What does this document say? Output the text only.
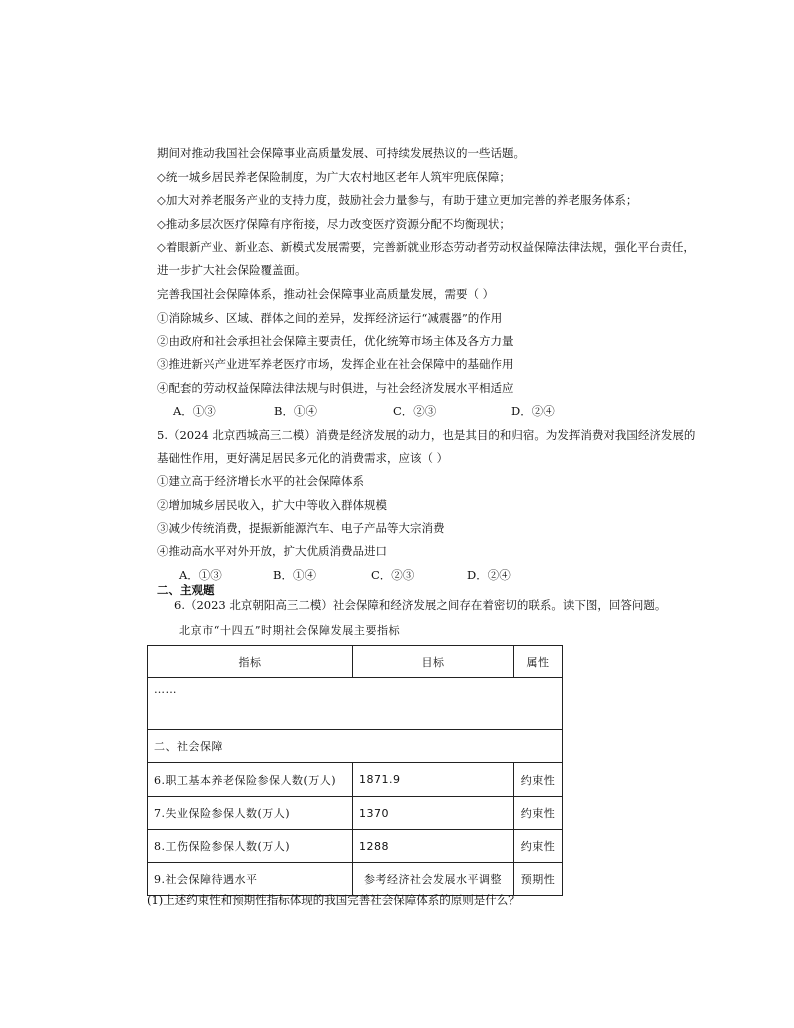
期间对推动我国社会保障事业高质量发展、可持续发展热议的一些话题。
◇统一城乡居民养老保险制度，为广大农村地区老年人筑牢兜底保障；
◇加大对养老服务产业的支持力度，鼓励社会力量参与，有助于建立更加完善的养老服务体系；
◇推动多层次医疗保障有序衔接，尽力改变医疗资源分配不均衡现状；
◇着眼新产业、新业态、新模式发展需要，完善新就业形态劳动者劳动权益保障法律法规，强化平台责任，
进一步扩大社会保险覆盖面。
完善我国社会保障体系，推动社会保障事业高质量发展，需要（ ）
①消除城乡、区域、群体之间的差异，发挥经济运行“减震器”的作用
②由政府和社会承担社会保障主要责任，优化统筹市场主体及各方力量
③推进新兴产业进军养老医疗市场，发挥企业在社会保障中的基础作用
④配套的劳动权益保障法律法规与时俱进，与社会经济发展水平相适应
A．①③	B．①④	C．②③	D．②④
5.（2024 北京西城高三二模）消费是经济发展的动力，也是其目的和归宿。为发挥消费对我国经济发展的
基础性作用，更好满足居民多元化的消费需求，应该（ ）
①建立高于经济增长水平的社会保障体系
②增加城乡居民收入，扩大中等收入群体规模
③减少传统消费，提振新能源汽车、电子产品等大宗消费
④推动高水平对外开放，扩大优质消费品进口
A．①③	B．①④	C．②③	D．②④
二、主观题
6.（2023 北京朝阳高三二模）社会保障和经济发展之间存在着密切的联系。读下图，回答问题。
北京市“十四五”时期社会保障发展主要指标
指标	目标	属性
……		
二、社会保障		
6.职工基本养老保险参保人数(万人)	1871.9	约束性
7.失业保险参保人数(万人)	1370	约束性
8.工伤保险参保人数(万人)	1288	约束性
9.社会保障待遇水平	参考经济社会发展水平调整	预期性
(1)上述约束性和预期性指标体现的我国完善社会保障体系的原则是什么？
